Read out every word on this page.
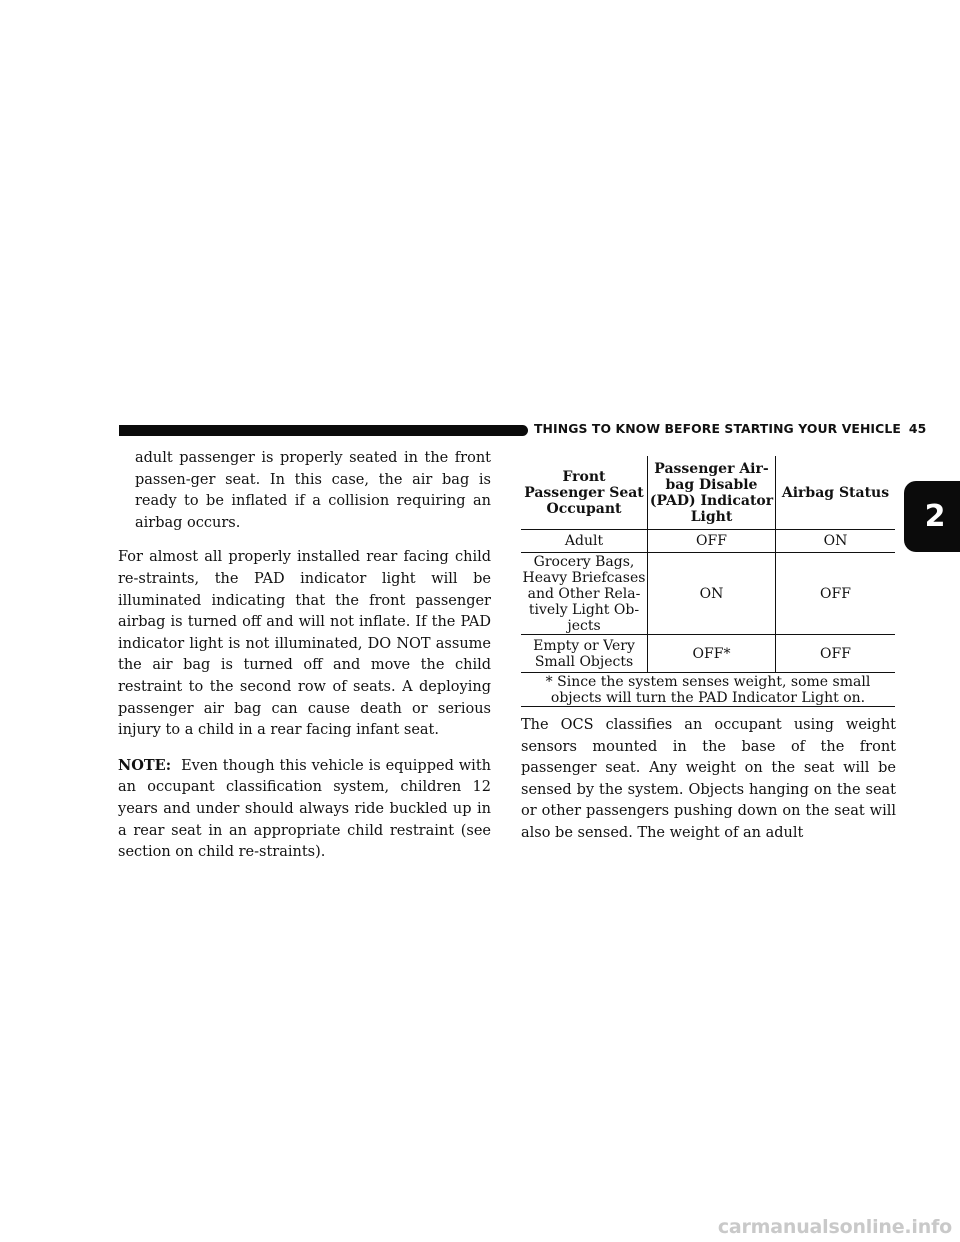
THINGS TO KNOW BEFORE STARTING YOUR VEHICLE 45
2

adult passenger is properly seated in the front passen-ger seat. In this case, the air bag is ready to be inflated if a collision requiring an airbag occurs.

For almost all properly installed rear facing child re-straints, the PAD indicator light will be illuminated indicating that the front passenger airbag is turned off and will not inflate. If the PAD indicator light is not illuminated, DO NOT assume the air bag is turned off and move the child restraint to the second row of seats. A deploying passenger air bag can cause death or serious injury to a child in a rear facing infant seat.

NOTE: Even though this vehicle is equipped with an occupant classification system, children 12 years and under should always ride buckled up in a rear seat in an appropriate child restraint (see section on child re-straints).

Front Passenger Seat Occupant	Passenger Air-bag Disable (PAD) Indicator Light	Airbag Status
Adult	OFF	ON
Grocery Bags, Heavy Briefcases and Other Rela-tively Light Ob-jects	ON	OFF
Empty or Very Small Objects	OFF*	OFF
* Since the system senses weight, some small objects will turn the PAD Indicator Light on.		

The OCS classifies an occupant using weight sensors mounted in the base of the front passenger seat. Any weight on the seat will be sensed by the system. Objects hanging on the seat or other passengers pushing down on the seat will also be sensed. The weight of an adult

carmanualsonline.info
